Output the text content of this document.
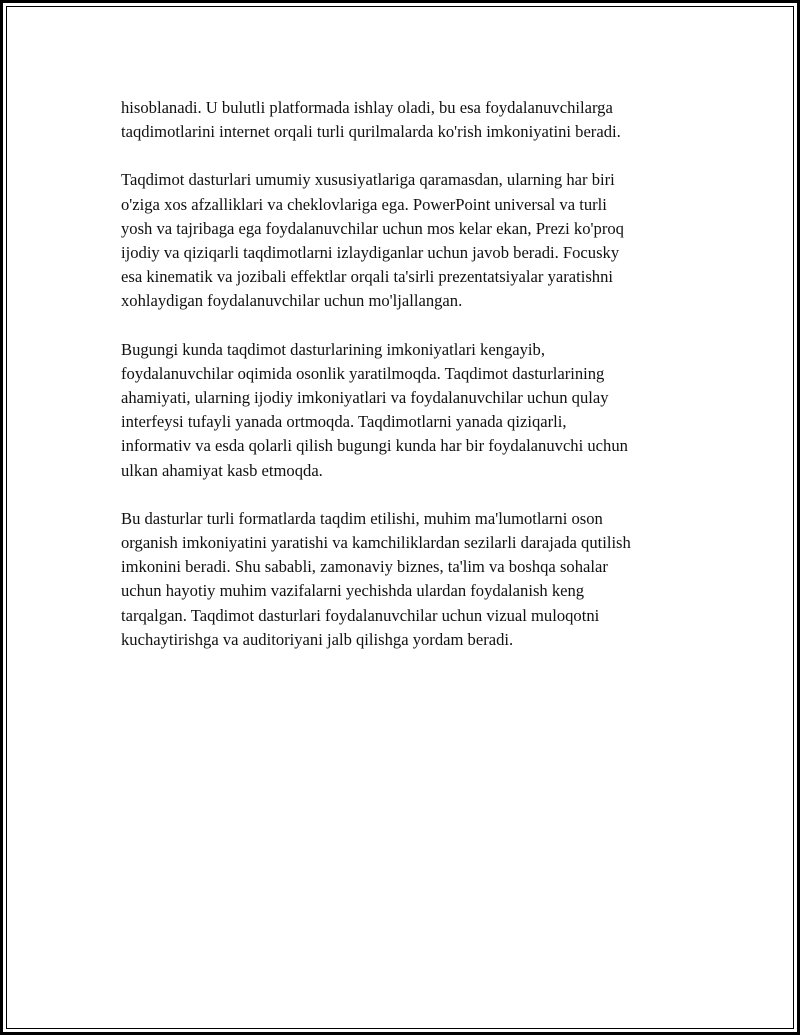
hisoblanadi. U bulutli platformada ishlay oladi, bu esa foydalanuvchilarga
taqdimotlarini internet orqali turli qurilmalarda ko'rish imkoniyatini beradi.

Taqdimot dasturlari umumiy xususiyatlariga qaramasdan, ularning har biri
o'ziga xos afzalliklari va cheklovlariga ega. PowerPoint universal va turli
yosh va tajribaga ega foydalanuvchilar uchun mos kelar ekan, Prezi ko'proq
ijodiy va qiziqarli taqdimotlarni izlaydiganlar uchun javob beradi. Focusky
esa kinematik va jozibali effektlar orqali ta'sirli prezentatsiyalar yaratishni
xohlaydigan foydalanuvchilar uchun mo'ljallangan.

Bugungi kunda taqdimot dasturlarining imkoniyatlari kengayib,
foydalanuvchilar oqimida osonlik yaratilmoqda. Taqdimot dasturlarining
ahamiyati, ularning ijodiy imkoniyatlari va foydalanuvchilar uchun qulay
interfeysi tufayli yanada ortmoqda. Taqdimotlarni yanada qiziqarli,
informativ va esda qolarli qilish bugungi kunda har bir foydalanuvchi uchun
ulkan ahamiyat kasb etmoqda.

Bu dasturlar turli formatlarda taqdim etilishi, muhim ma'lumotlarni oson
organish imkoniyatini yaratishi va kamchiliklardan sezilarli darajada qutilish
imkonini beradi. Shu sababli, zamonaviy biznes, ta'lim va boshqa sohalar
uchun hayotiy muhim vazifalarni yechishda ulardan foydalanish keng
tarqalgan. Taqdimot dasturlari foydalanuvchilar uchun vizual muloqotni
kuchaytirishga va auditoriyani jalb qilishga yordam beradi.
